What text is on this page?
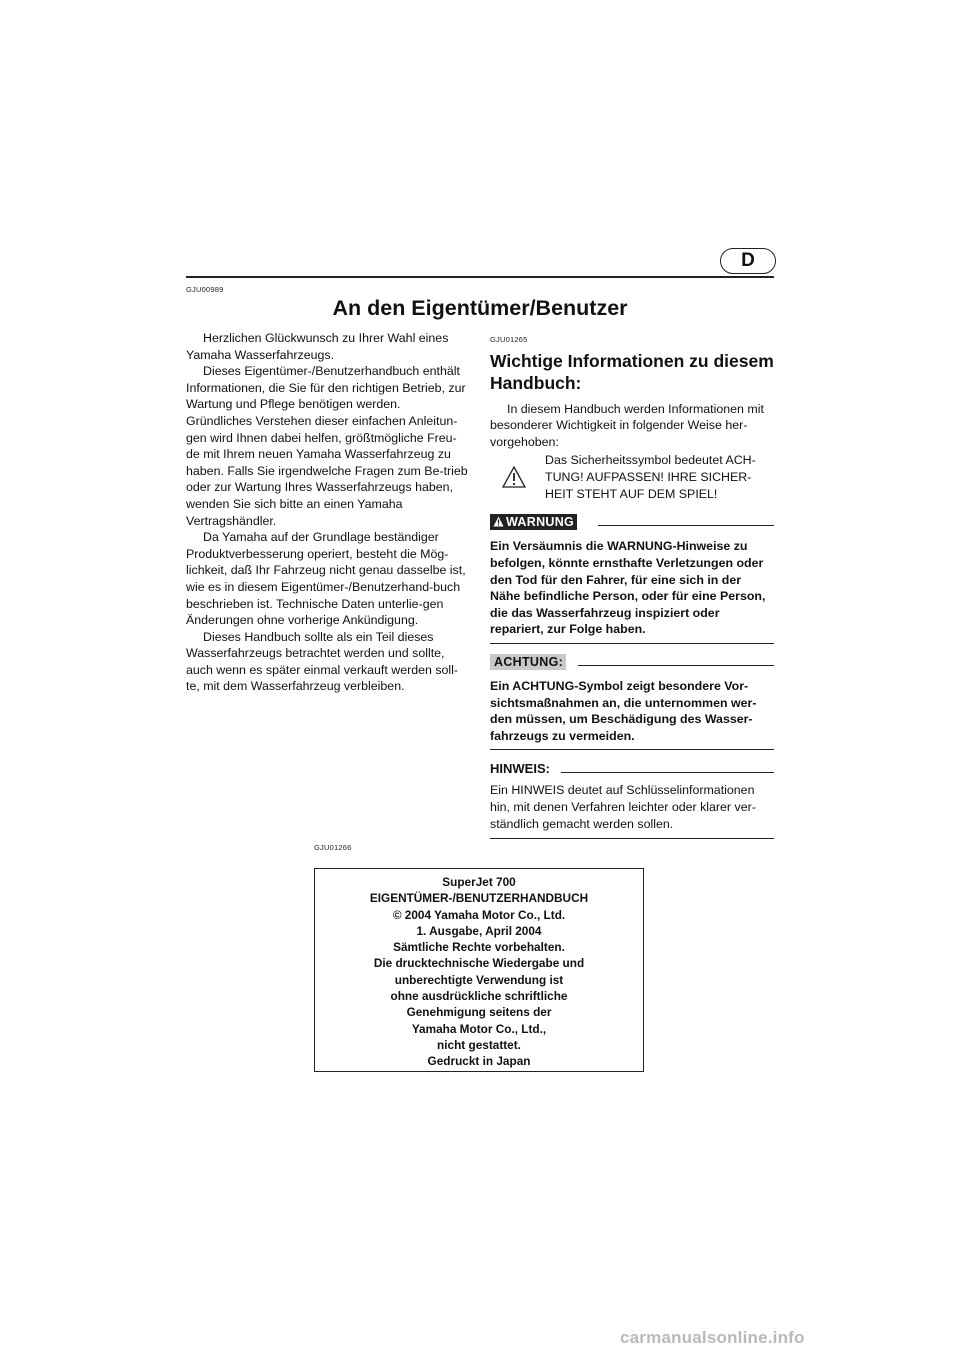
D
GJU00989
An den Eigentümer/Benutzer

Herzlichen Glückwunsch zu Ihrer Wahl eines Yamaha Wasserfahrzeugs.

Dieses Eigentümer-/Benutzerhandbuch enthält Informationen, die Sie für den richtigen Betrieb, zur Wartung und Pflege benötigen werden. Gründliches Verstehen dieser einfachen Anleitun-gen wird Ihnen dabei helfen, größtmögliche Freu-de mit Ihrem neuen Yamaha Wasserfahrzeug zu haben. Falls Sie irgendwelche Fragen zum Be-trieb oder zur Wartung Ihres Wasserfahrzeugs haben, wenden Sie sich bitte an einen Yamaha Vertragshändler.

Da Yamaha auf der Grundlage beständiger Produktverbesserung operiert, besteht die Mög-lichkeit, daß Ihr Fahrzeug nicht genau dasselbe ist, wie es in diesem Eigentümer-/Benutzerhand-buch beschrieben ist. Technische Daten unterlie-gen Änderungen ohne vorherige Ankündigung.

Dieses Handbuch sollte als ein Teil dieses Wasserfahrzeugs betrachtet werden und sollte, auch wenn es später einmal verkauft werden soll-te, mit dem Wasserfahrzeug verbleiben.

GJU01265
Wichtige Informationen zu diesem Handbuch:

In diesem Handbuch werden Informationen mit besonderer Wichtigkeit in folgender Weise her-vorgehoben:

Das Sicherheitssymbol bedeutet ACH-TUNG! AUFPASSEN! IHRE SICHER-HEIT STEHT AUF DEM SPIEL!
WARNUNG
Ein Versäumnis die WARNUNG-Hinweise zu befolgen, könnte ernsthafte Verletzungen oder den Tod für den Fahrer, für eine sich in der Nähe befindliche Person, oder für eine Person, die das Wasserfahrzeug inspiziert oder repariert, zur Folge haben.
ACHTUNG:
Ein ACHTUNG-Symbol zeigt besondere Vor-sichtsmaßnahmen an, die unternommen wer-den müssen, um Beschädigung des Wasser-fahrzeugs zu vermeiden.
HINWEIS:
Ein HINWEIS deutet auf Schlüsselinformationen hin, mit denen Verfahren leichter oder klarer ver-ständlich gemacht werden sollen.
GJU01266
SuperJet 700
EIGENTÜMER-/BENUTZERHANDBUCH
© 2004 Yamaha Motor Co., Ltd.
1. Ausgabe, April 2004
Sämtliche Rechte vorbehalten.
Die drucktechnische Wiedergabe und
unberechtigte Verwendung ist
ohne ausdrückliche schriftliche
Genehmigung seitens der
Yamaha Motor Co., Ltd.,
nicht gestattet.
Gedruckt in Japan
carmanualsonline.info
